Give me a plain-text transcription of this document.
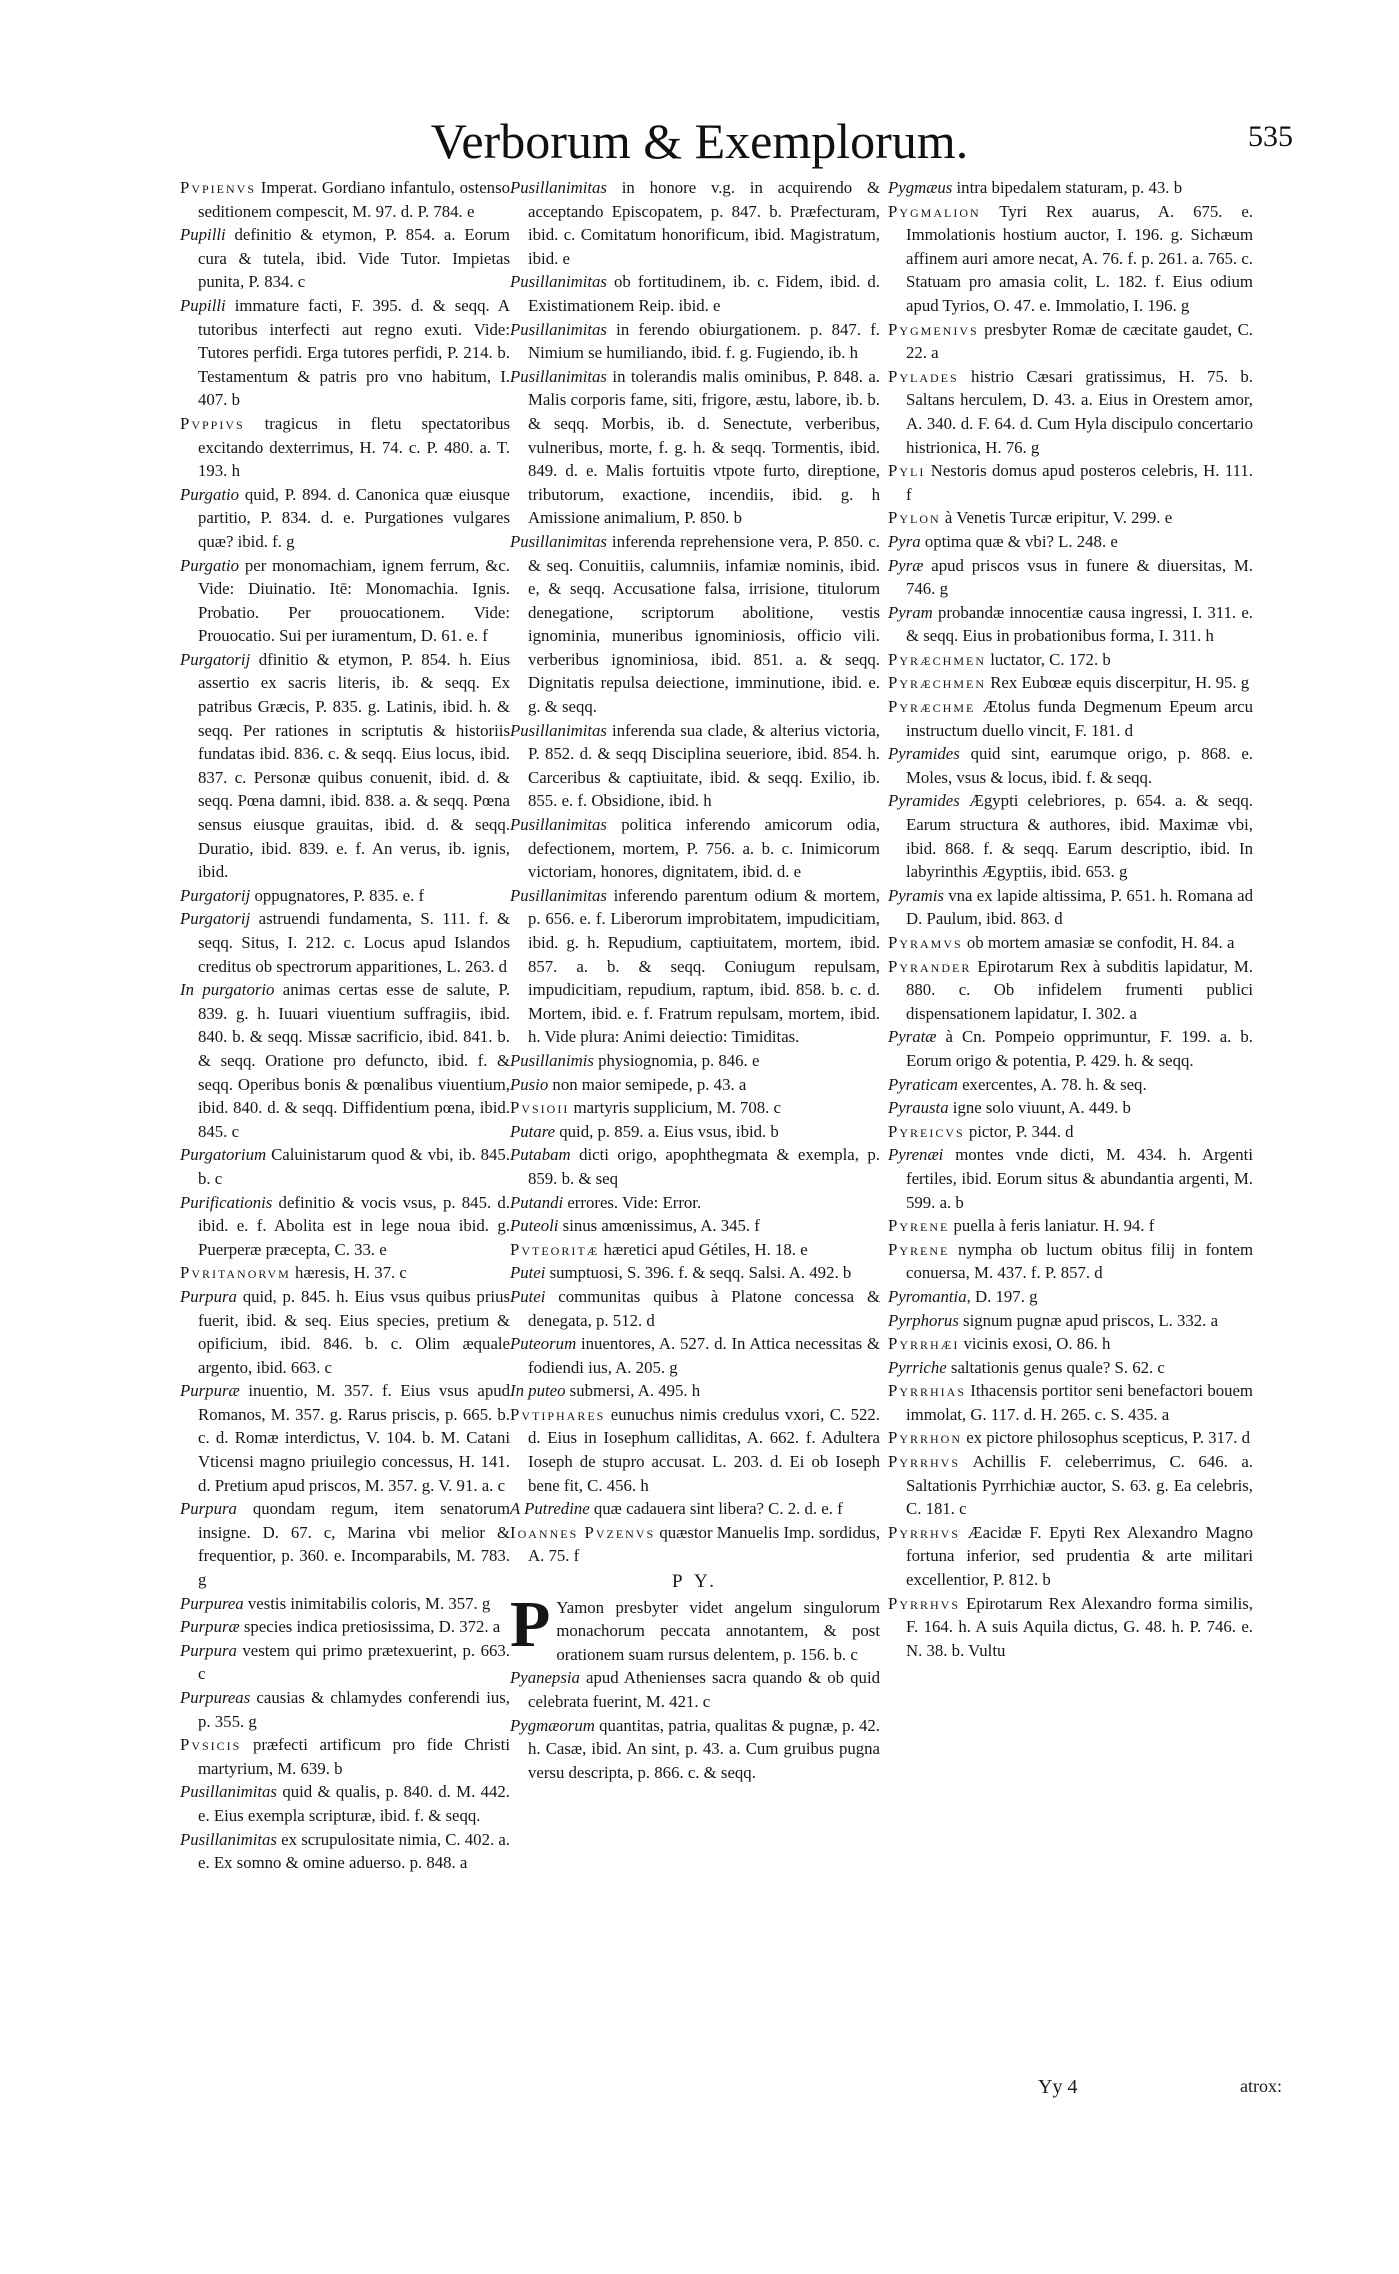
Verborum & Exemplorum.	535

Pvpienvs Imperat. Gordiano infantulo, ostenso seditionem compescit, M. 97. d. P. 784. e

Pupilli definitio & etymon, P. 854. a. Eorum cura & tutela, ibid. Vide Tutor. Impietas punita, P. 834. c

Pupilli immature facti, F. 395. d. & seqq. A tutoribus interfecti aut regno exuti. Vide: Tutores perfidi. Erga tutores perfidi, P. 214. b. Testamentum & patris pro vno habitum, I. 407. b

Pvppivs tragicus in fletu spectatoribus excitando dexterrimus, H. 74. c. P. 480. a. T. 193. h

Purgatio quid, P. 894. d. Canonica quæ eiusque partitio, P. 834. d. e. Purgationes vulgares quæ? ibid. f. g

Purgatio per monomachiam, ignem ferrum, &c. Vide: Diuinatio. Itē: Monomachia. Ignis. Probatio. Per prouocationem. Vide: Prouocatio. Sui per iuramentum, D. 61. e. f

Purgatorij dfinitio & etymon, P. 854. h. Eius assertio ex sacris literis, ib. & seqq. Ex patribus Græcis, P. 835. g. Latinis, ibid. h. & seqq. Per rationes in scriptutis & historiis fundatas ibid. 836. c. & seqq. Eius locus, ibid. 837. c. Personæ quibus conuenit, ibid. d. & seqq. Pœna damni, ibid. 838. a. & seqq. Pœna sensus eiusque grauitas, ibid. d. & seqq. Duratio, ibid. 839. e. f. An verus, ib. ignis, ibid.

Purgatorij oppugnatores, P. 835. e. f

Purgatorij astruendi fundamenta, S. 111. f. & seqq. Situs, I. 212. c. Locus apud Islandos creditus ob spectrorum apparitiones, L. 263. d

In purgatorio animas certas esse de salute, P. 839. g. h. Iuuari viuentium suffragiis, ibid. 840. b. & seqq. Missæ sacrificio, ibid. 841. b. & seqq. Oratione pro defuncto, ibid. f. & seqq. Operibus bonis & pœnalibus viuentium, ibid. 840. d. & seqq. Diffidentium pœna, ibid. 845. c

Purgatorium Caluinistarum quod & vbi, ib. 845. b. c

Purificationis definitio & vocis vsus, p. 845. d. ibid. e. f. Abolita est in lege noua ibid. g. Puerperæ præcepta, C. 33. e

Pvritanorvm hæresis, H. 37. c

Purpura quid, p. 845. h. Eius vsus quibus prius fuerit, ibid. & seq. Eius species, pretium & opificium, ibid. 846. b. c. Olim æquale argento, ibid. 663. c

Purpuræ inuentio, M. 357. f. Eius vsus apud Romanos, M. 357. g. Rarus priscis, p. 665. b. c. d. Romæ interdictus, V. 104. b. M. Catani Vticensi magno priuilegio concessus, H. 141. d. Pretium apud priscos, M. 357. g. V. 91. a. c

Purpura quondam regum, item senatorum insigne. D. 67. c, Marina vbi melior & frequentior, p. 360. e. Incomparabils, M. 783. g

Purpurea vestis inimitabilis coloris, M. 357. g

Purpuræ species indica pretiosissima, D. 372. a

Purpura vestem qui primo prætexuerint, p. 663. c

Purpureas causias & chlamydes conferendi ius, p. 355. g

Pvsicis præfecti artificum pro fide Christi martyrium, M. 639. b

Pusillanimitas quid & qualis, p. 840. d. M. 442. e. Eius exempla scripturæ, ibid. f. & seqq.

Pusillanimitas ex scrupulositate nimia, C. 402. a. e. Ex somno & omine aduerso. p. 848. a

Pusillanimitas in honore v.g. in acquirendo & acceptando Episcopatem, p. 847. b. Præfecturam, ibid. c. Comitatum honorificum, ibid. Magistratum, ibid. e

Pusillanimitas ob fortitudinem, ib. c. Fidem, ibid. d. Existimationem Reip. ibid. e

Pusillanimitas in ferendo obiurgationem. p. 847. f. Nimium se humiliando, ibid. f. g. Fugiendo, ib. h

Pusillanimitas in tolerandis malis ominibus, P. 848. a. Malis corporis fame, siti, frigore, æstu, labore, ib. b. & seqq. Morbis, ib. d. Senectute, verberibus, vulneribus, morte, f. g. h. & seqq. Tormentis, ibid. 849. d. e. Malis fortuitis vtpote furto, direptione, tributorum, exactione, incendiis, ibid. g. h Amissione animalium, P. 850. b

Pusillanimitas inferenda reprehensione vera, P. 850. c. & seq. Conuitiis, calumniis, infamiæ nominis, ibid. e, & seqq. Accusatione falsa, irrisione, titulorum denegatione, scriptorum abolitione, vestis ignominia, muneribus ignominiosis, officio vili. verberibus ignominiosa, ibid. 851. a. & seqq. Dignitatis repulsa deiectione, imminutione, ibid. e. g. & seqq.

Pusillanimitas inferenda sua clade, & alterius victoria, P. 852. d. & seqq Disciplina seueriore, ibid. 854. h. Carceribus & captiuitate, ibid. & seqq. Exilio, ib. 855. e. f. Obsidione, ibid. h

Pusillanimitas politica inferendo amicorum odia, defectionem, mortem, P. 756. a. b. c. Inimicorum victoriam, honores, dignitatem, ibid. d. e

Pusillanimitas inferendo parentum odium & mortem, p. 656. e. f. Liberorum improbitatem, impudicitiam, ibid. g. h. Repudium, captiuitatem, mortem, ibid. 857. a. b. & seqq. Coniugum repulsam, impudicitiam, repudium, raptum, ibid. 858. b. c. d. Mortem, ibid. e. f. Fratrum repulsam, mortem, ibid. h. Vide plura: Animi deiectio: Timiditas.

Pusillanimis physiognomia, p. 846. e

Pusio non maior semipede, p. 43. a

Pvsioii martyris supplicium, M. 708. c

Putare quid, p. 859. a. Eius vsus, ibid. b

Putabam dicti origo, apophthegmata & exempla, p. 859. b. & seq

Putandi errores. Vide: Error.

Puteoli sinus amœnissimus, A. 345. f

Pvteoritæ hæretici apud Gétiles, H. 18. e

Putei sumptuosi, S. 396. f. & seqq. Salsi. A. 492. b

Putei communitas quibus à Platone concessa & denegata, p. 512. d

Puteorum inuentores, A. 527. d. In Attica necessitas & fodiendi ius, A. 205. g

In puteo submersi, A. 495. h

Pvtiphares eunuchus nimis credulus vxori, C. 522. d. Eius in Iosephum calliditas, A. 662. f. Adultera Ioseph de stupro accusat. L. 203. d. Ei ob Ioseph bene fit, C. 456. h

A Putredine quæ cadauera sint libera? C. 2. d. e. f

Ioannes Pvzenvs quæstor Manuelis Imp. sordidus, A. 75. f

P Y.

P Yamon presbyter videt angelum singulorum monachorum peccata annotantem, & post orationem suam rursus delentem, p. 156. b. c

Pyanepsia apud Athenienses sacra quando & ob quid celebrata fuerint, M. 421. c

Pygmæorum quantitas, patria, qualitas & pugnæ, p. 42. h. Casæ, ibid. An sint, p. 43. a. Cum gruibus pugna versu descripta, p. 866. c. & seqq.

Pygmæus intra bipedalem staturam, p. 43. b

Pygmalion Tyri Rex auarus, A. 675. e. Immolationis hostium auctor, I. 196. g. Sichæum affinem auri amore necat, A. 76. f. p. 261. a. 765. c. Statuam pro amasia colit, L. 182. f. Eius odium apud Tyrios, O. 47. e. Immolatio, I. 196. g

Pygmenivs presbyter Romæ de cæcitate gaudet, C. 22. a

Pylades histrio Cæsari gratissimus, H. 75. b. Saltans herculem, D. 43. a. Eius in Orestem amor, A. 340. d. F. 64. d. Cum Hyla discipulo concertario histrionica, H. 76. g

Pyli Nestoris domus apud posteros celebris, H. 111. f

Pylon à Venetis Turcæ eripitur, V. 299. e

Pyra optima quæ & vbi? L. 248. e

Pyræ apud priscos vsus in funere & diuersitas, M. 746. g

Pyram probandæ innocentiæ causa ingressi, I. 311. e. & seqq. Eius in probationibus forma, I. 311. h

Pyræchmen luctator, C. 172. b

Pyræchmen Rex Eubœæ equis discerpitur, H. 95. g

Pyræchme Ætolus funda Degmenum Epeum arcu instructum duello vincit, F. 181. d

Pyramides quid sint, earumque origo, p. 868. e. Moles, vsus & locus, ibid. f. & seqq.

Pyramides Ægypti celebriores, p. 654. a. & seqq. Earum structura & authores, ibid. Maximæ vbi, ibid. 868. f. & seqq. Earum descriptio, ibid. In labyrinthis Ægyptiis, ibid. 653. g

Pyramis vna ex lapide altissima, P. 651. h. Romana ad D. Paulum, ibid. 863. d

Pyramvs ob mortem amasiæ se confodit, H. 84. a

Pyrander Epirotarum Rex à subditis lapidatur, M. 880. c. Ob infidelem frumenti publici dispensationem lapidatur, I. 302. a

Pyratæ à Cn. Pompeio opprimuntur, F. 199. a. b. Eorum origo & potentia, P. 429. h. & seqq.

Pyraticam exercentes, A. 78. h. & seq.

Pyrausta igne solo viuunt, A. 449. b

Pyreicvs pictor, P. 344. d

Pyrenæi montes vnde dicti, M. 434. h. Argenti fertiles, ibid. Eorum situs & abundantia argenti, M. 599. a. b

Pyrene puella à feris laniatur. H. 94. f

Pyrene nympha ob luctum obitus filij in fontem conuersa, M. 437. f. P. 857. d

Pyromantia, D. 197. g

Pyrphorus signum pugnæ apud priscos, L. 332. a

Pyrrhæi vicinis exosi, O. 86. h

Pyrriche saltationis genus quale? S. 62. c

Pyrrhias Ithacensis portitor seni benefactori bouem immolat, G. 117. d. H. 265. c. S. 435. a

Pyrrhon ex pictore philosophus scepticus, P. 317. d

Pyrrhvs Achillis F. celeberrimus, C. 646. a. Saltationis Pyrrhichiæ auctor, S. 63. g. Ea celebris, C. 181. c

Pyrrhvs Æacidæ F. Epyti Rex Alexandro Magno fortuna inferior, sed prudentia & arte militari excellentior, P. 812. b

Pyrrhvs Epirotarum Rex Alexandro forma similis, F. 164. h. A suis Aquila dictus, G. 48. h. P. 746. e. N. 38. b. Vultu

Yy 4	atrox:
